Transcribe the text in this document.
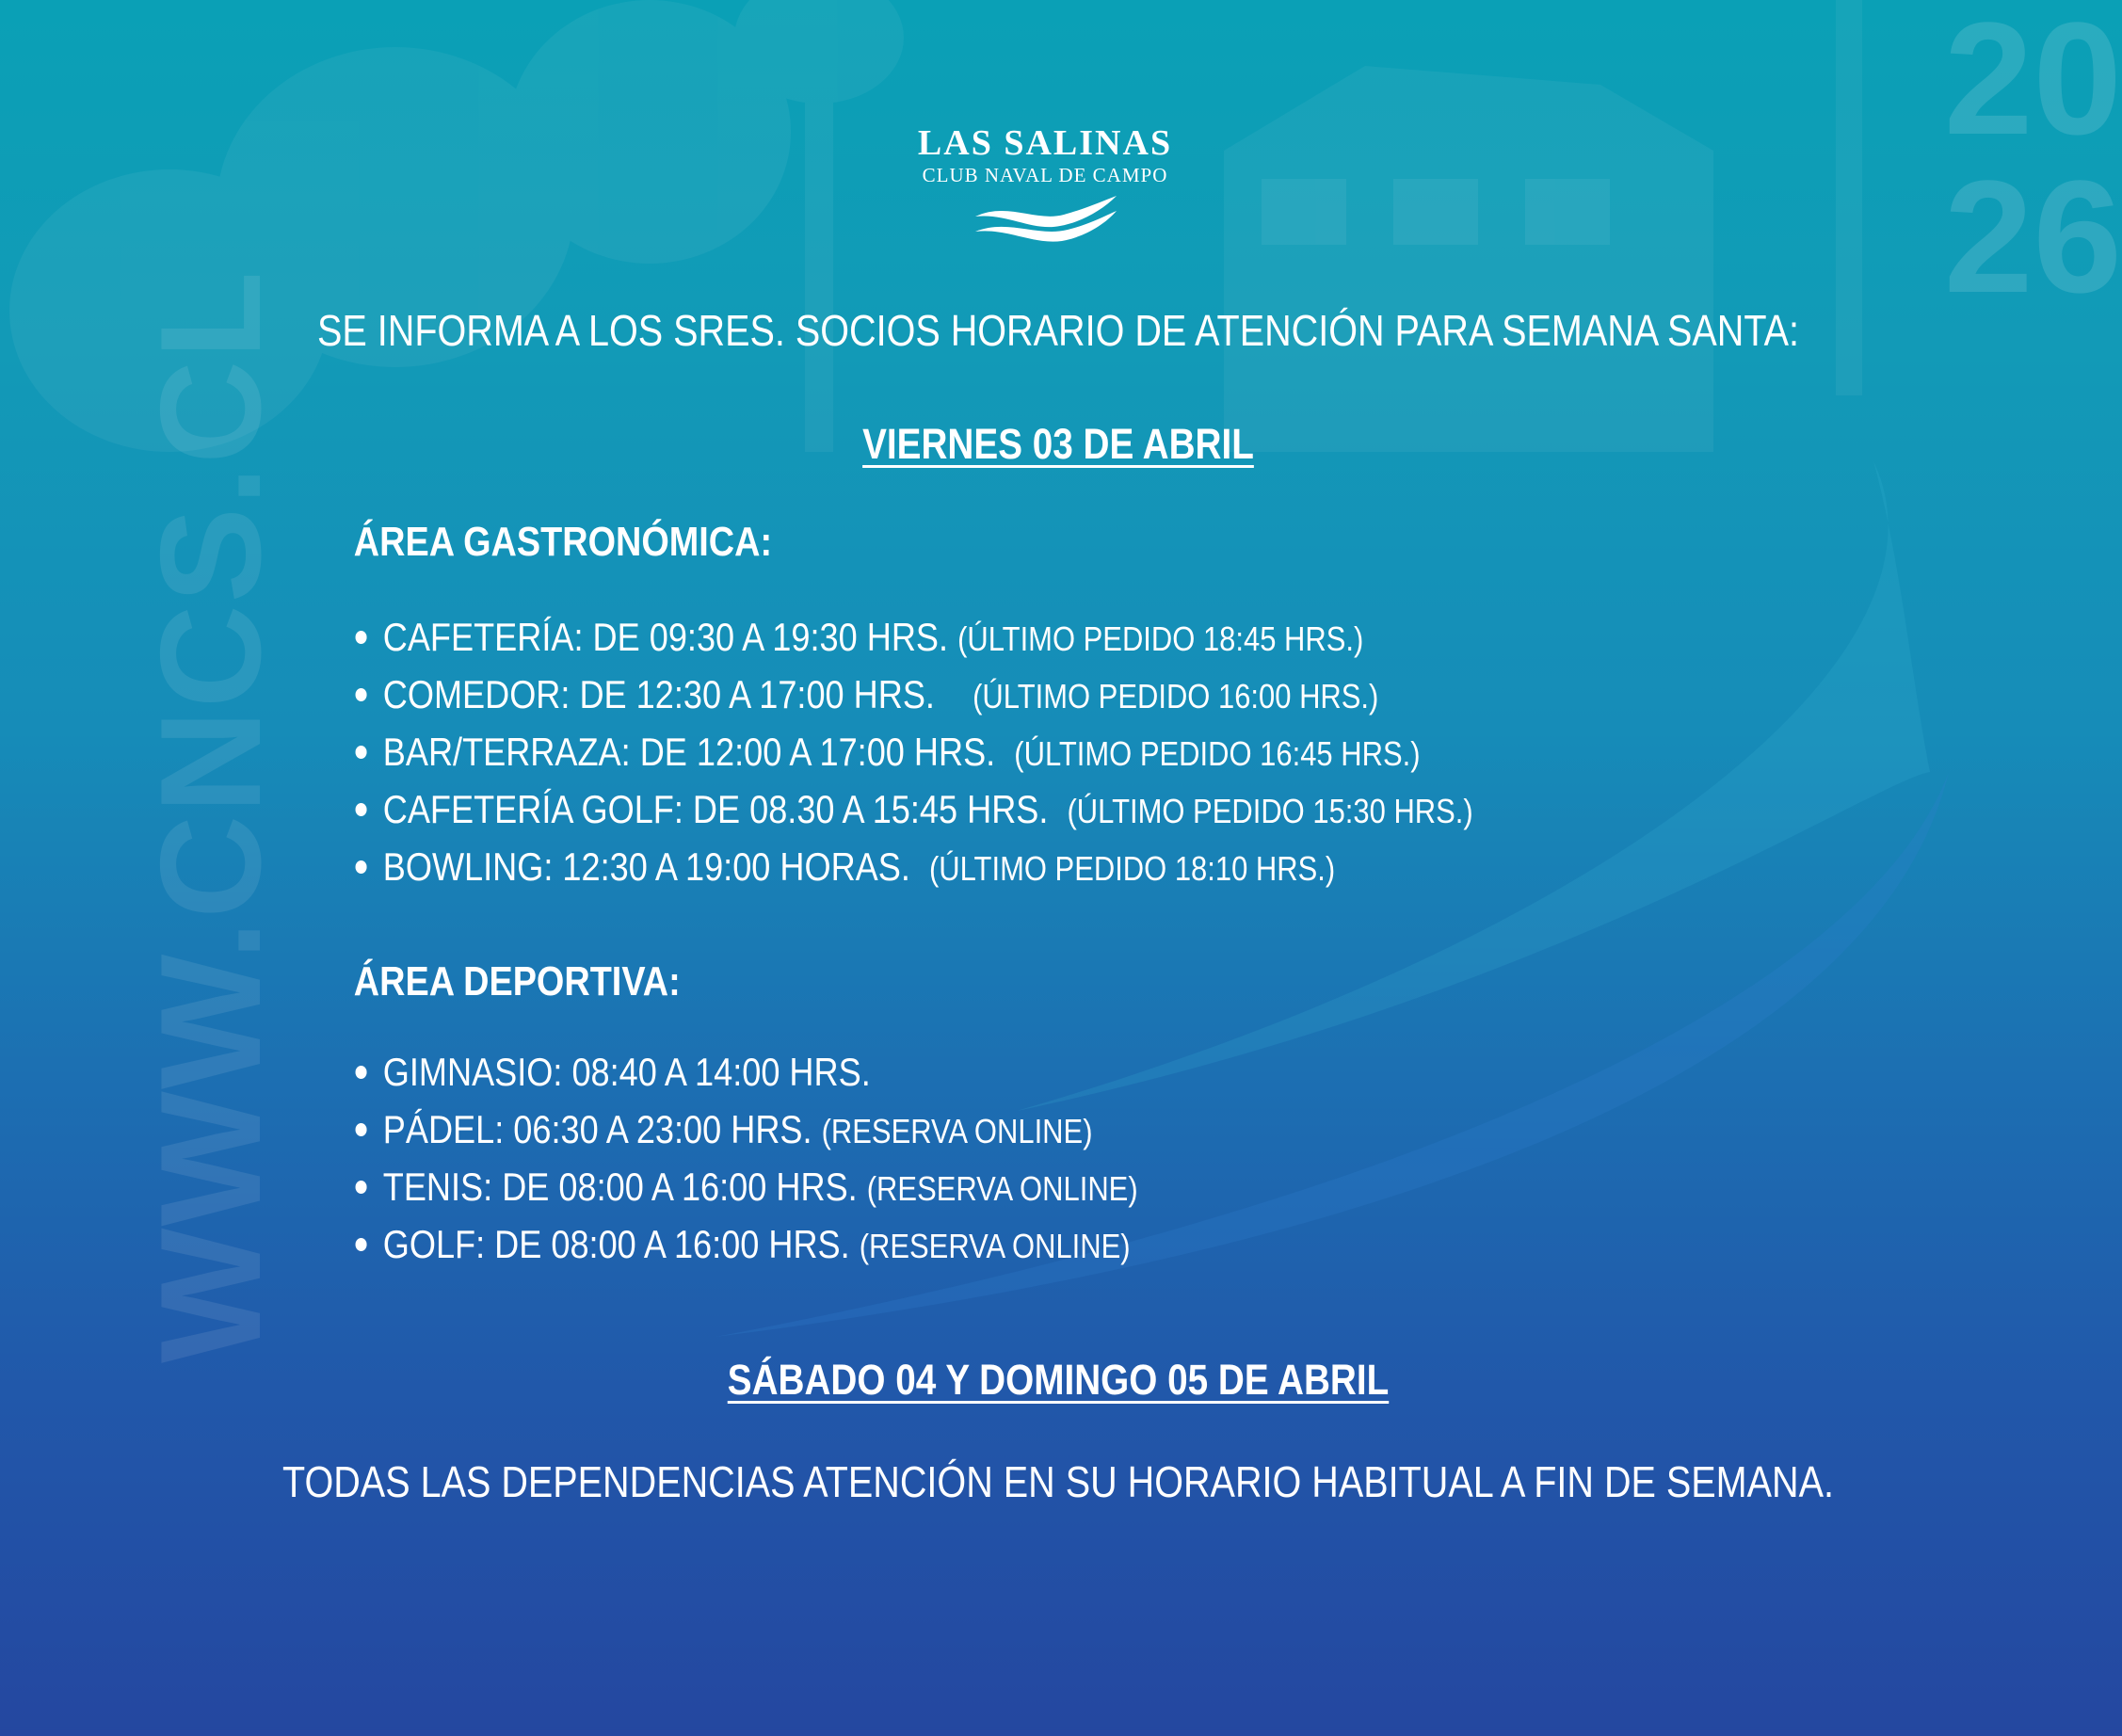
WWW.CNCS.CL
20
26
LAS SALINAS
CLUB NAVAL DE CAMPO
SE INFORMA A LOS SRES. SOCIOS HORARIO DE ATENCIÓN PARA SEMANA SANTA:
VIERNES 03 DE ABRIL
ÁREA GASTRONÓMICA:
CAFETERÍA: DE 09:30 A 19:30 HRS. (ÚLTIMO PEDIDO 18:45 HRS.)
COMEDOR: DE 12:30 A 17:00 HRS. (ÚLTIMO PEDIDO 16:00 HRS.)
BAR/TERRAZA: DE 12:00 A 17:00 HRS. (ÚLTIMO PEDIDO 16:45 HRS.)
CAFETERÍA GOLF: DE 08.30 A 15:45 HRS. (ÚLTIMO PEDIDO 15:30 HRS.)
BOWLING: 12:30 A 19:00 HORAS. (ÚLTIMO PEDIDO 18:10 HRS.)
ÁREA DEPORTIVA:
GIMNASIO: 08:40 A 14:00 HRS.
PÁDEL: 06:30 A 23:00 HRS. (RESERVA ONLINE)
TENIS: DE 08:00 A 16:00 HRS. (RESERVA ONLINE)
GOLF: DE 08:00 A 16:00 HRS. (RESERVA ONLINE)
SÁBADO 04 Y DOMINGO 05 DE ABRIL
TODAS LAS DEPENDENCIAS ATENCIÓN EN SU HORARIO HABITUAL A FIN DE SEMANA.
